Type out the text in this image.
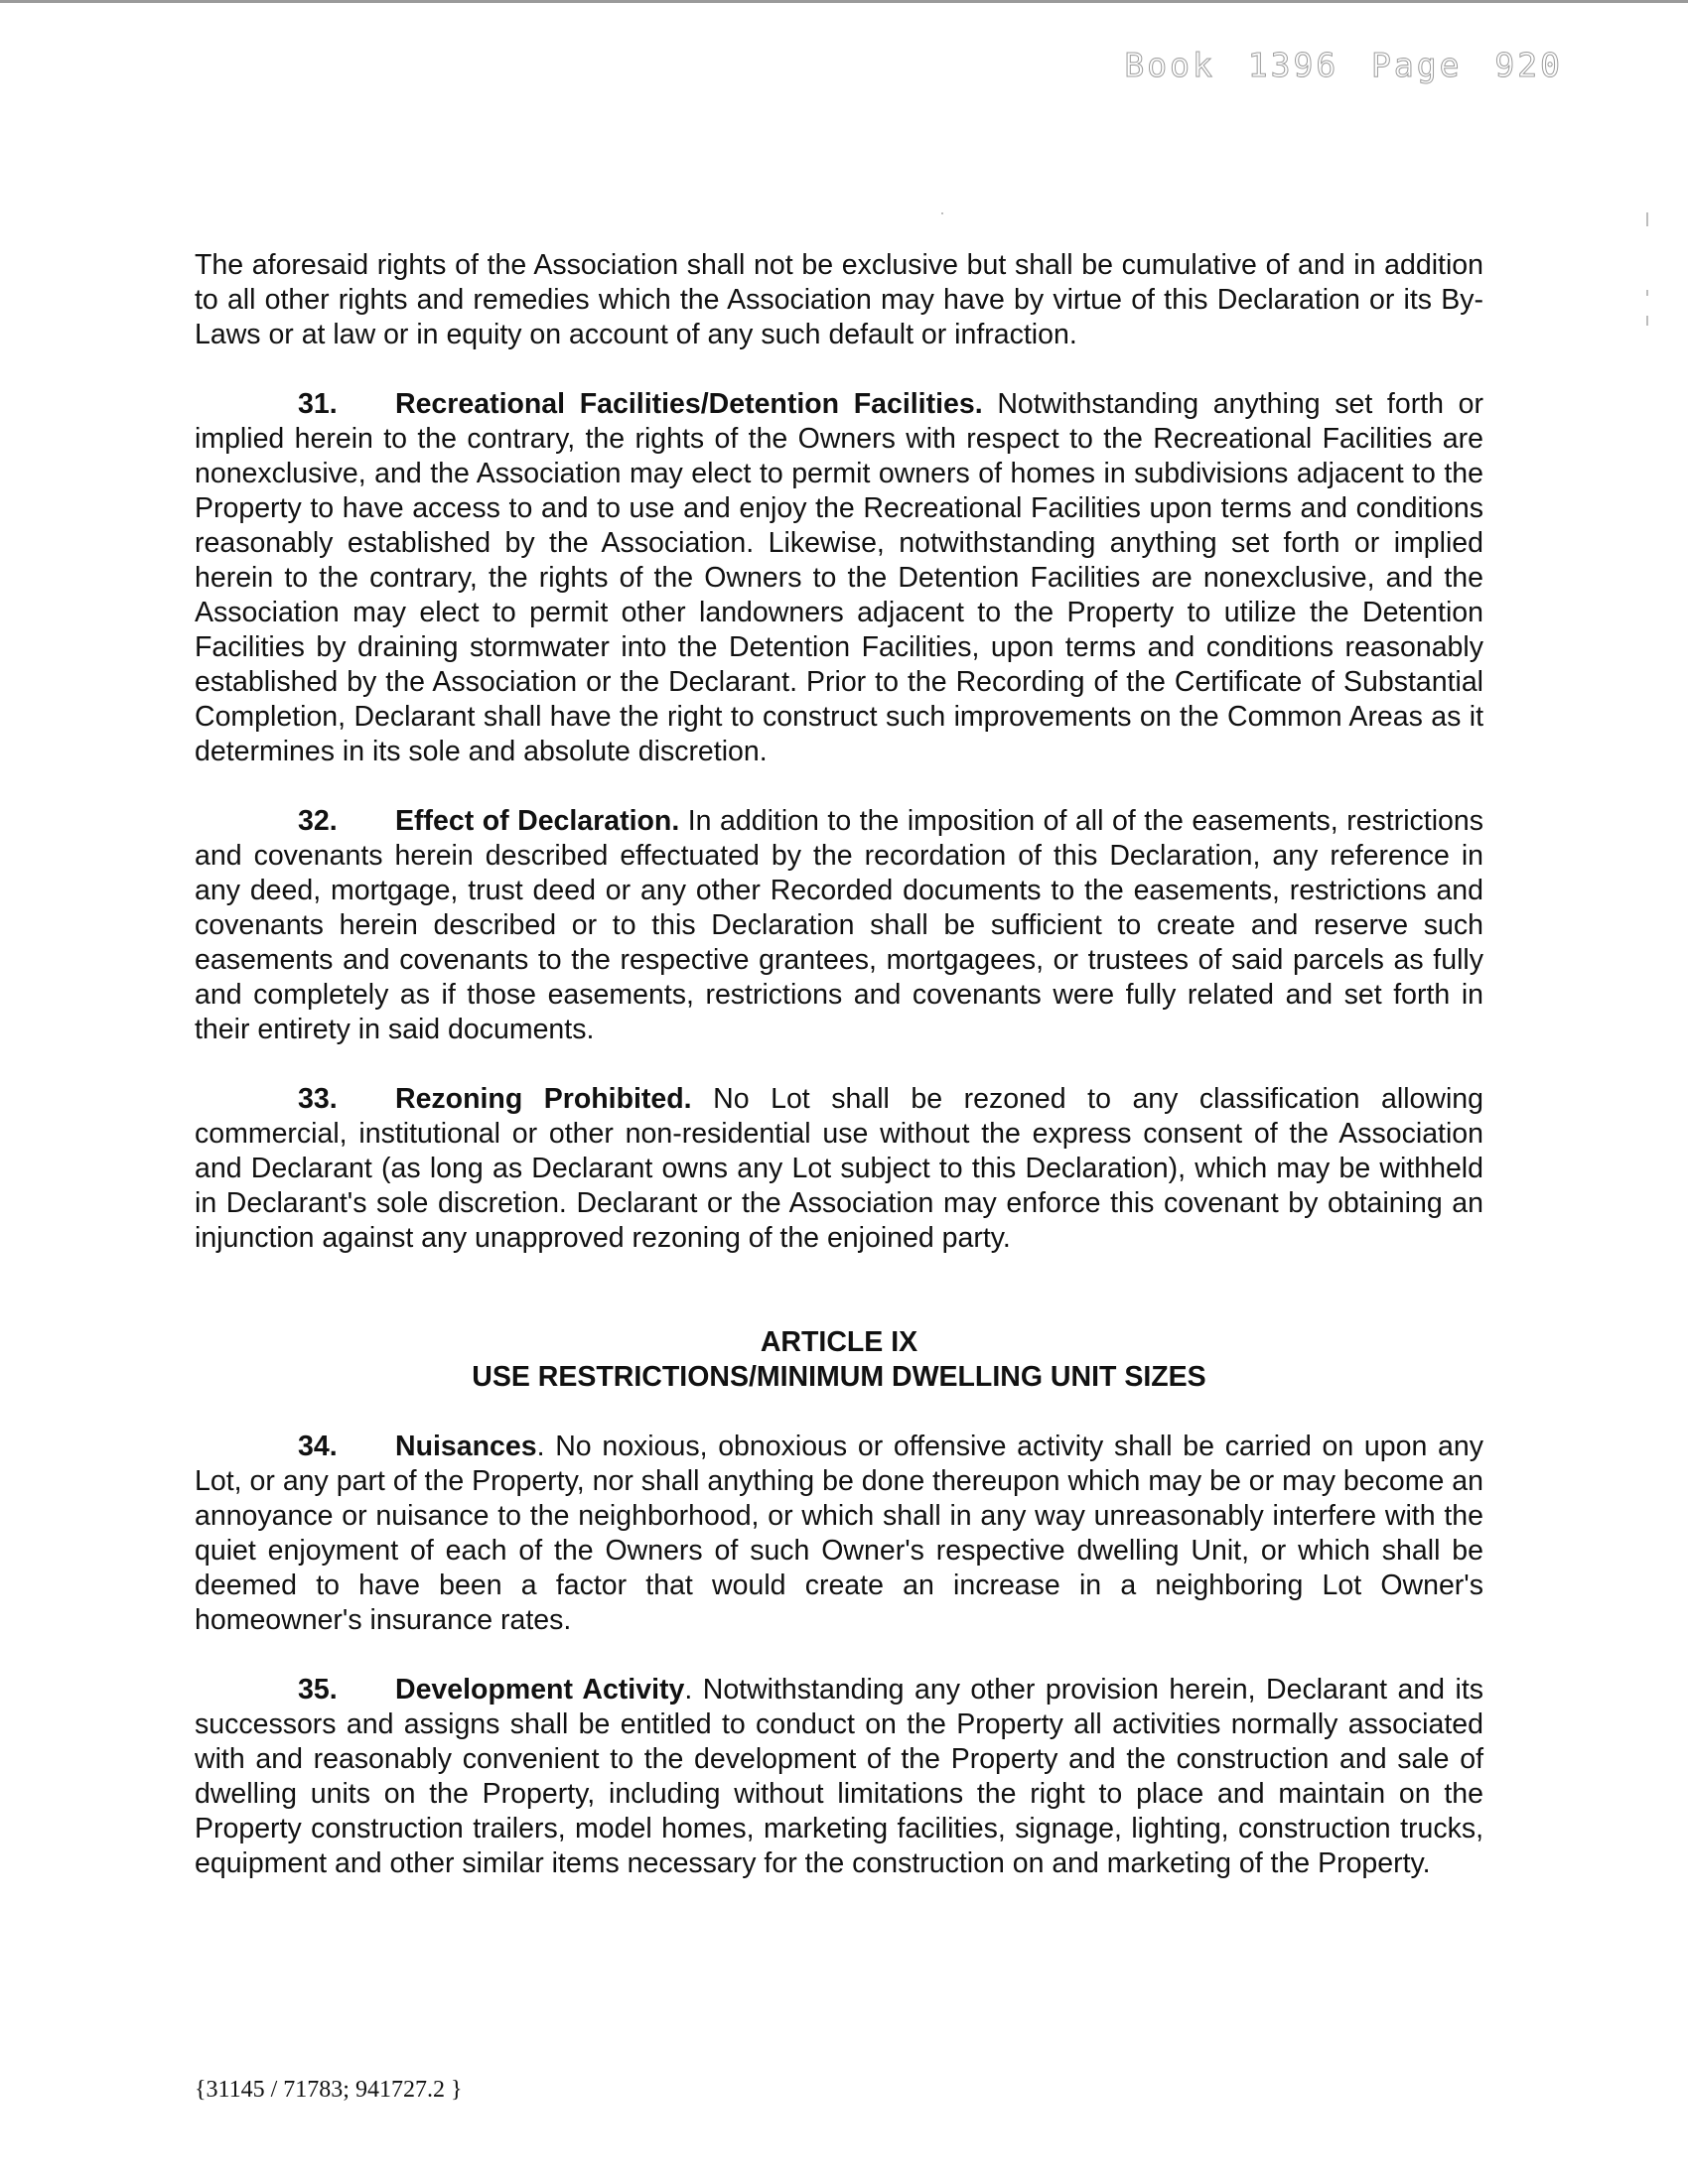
Book 1396 Page 920

The aforesaid rights of the Association shall not be exclusive but shall be cumulative of and in addition to all other rights and remedies which the Association may have by virtue of this Declaration or its By-Laws or at law or in equity on account of any such default or infraction.

31. Recreational Facilities/Detention Facilities. Notwithstanding anything set forth or implied herein to the contrary, the rights of the Owners with respect to the Recreational Facilities are nonexclusive, and the Association may elect to permit owners of homes in subdivisions adjacent to the Property to have access to and to use and enjoy the Recreational Facilities upon terms and conditions reasonably established by the Association. Likewise, notwithstanding anything set forth or implied herein to the contrary, the rights of the Owners to the Detention Facilities are nonexclusive, and the Association may elect to permit other landowners adjacent to the Property to utilize the Detention Facilities by draining stormwater into the Detention Facilities, upon terms and conditions reasonably established by the Association or the Declarant. Prior to the Recording of the Certificate of Substantial Completion, Declarant shall have the right to construct such improvements on the Common Areas as it determines in its sole and absolute discretion.

32. Effect of Declaration. In addition to the imposition of all of the easements, restrictions and covenants herein described effectuated by the recordation of this Declaration, any reference in any deed, mortgage, trust deed or any other Recorded documents to the easements, restrictions and covenants herein described or to this Declaration shall be sufficient to create and reserve such easements and covenants to the respective grantees, mortgagees, or trustees of said parcels as fully and completely as if those easements, restrictions and covenants were fully related and set forth in their entirety in said documents.

33. Rezoning Prohibited. No Lot shall be rezoned to any classification allowing commercial, institutional or other non-residential use without the express consent of the Association and Declarant (as long as Declarant owns any Lot subject to this Declaration), which may be withheld in Declarant's sole discretion. Declarant or the Association may enforce this covenant by obtaining an injunction against any unapproved rezoning of the enjoined party.

ARTICLE IX
USE RESTRICTIONS/MINIMUM DWELLING UNIT SIZES

34. Nuisances. No noxious, obnoxious or offensive activity shall be carried on upon any Lot, or any part of the Property, nor shall anything be done thereupon which may be or may become an annoyance or nuisance to the neighborhood, or which shall in any way unreasonably interfere with the quiet enjoyment of each of the Owners of such Owner's respective dwelling Unit, or which shall be deemed to have been a factor that would create an increase in a neighboring Lot Owner's homeowner's insurance rates.

35. Development Activity. Notwithstanding any other provision herein, Declarant and its successors and assigns shall be entitled to conduct on the Property all activities normally associated with and reasonably convenient to the development of the Property and the construction and sale of dwelling units on the Property, including without limitations the right to place and maintain on the Property construction trailers, model homes, marketing facilities, signage, lighting, construction trucks, equipment and other similar items necessary for the construction on and marketing of the Property.

{31145 / 71783; 941727.2 }
